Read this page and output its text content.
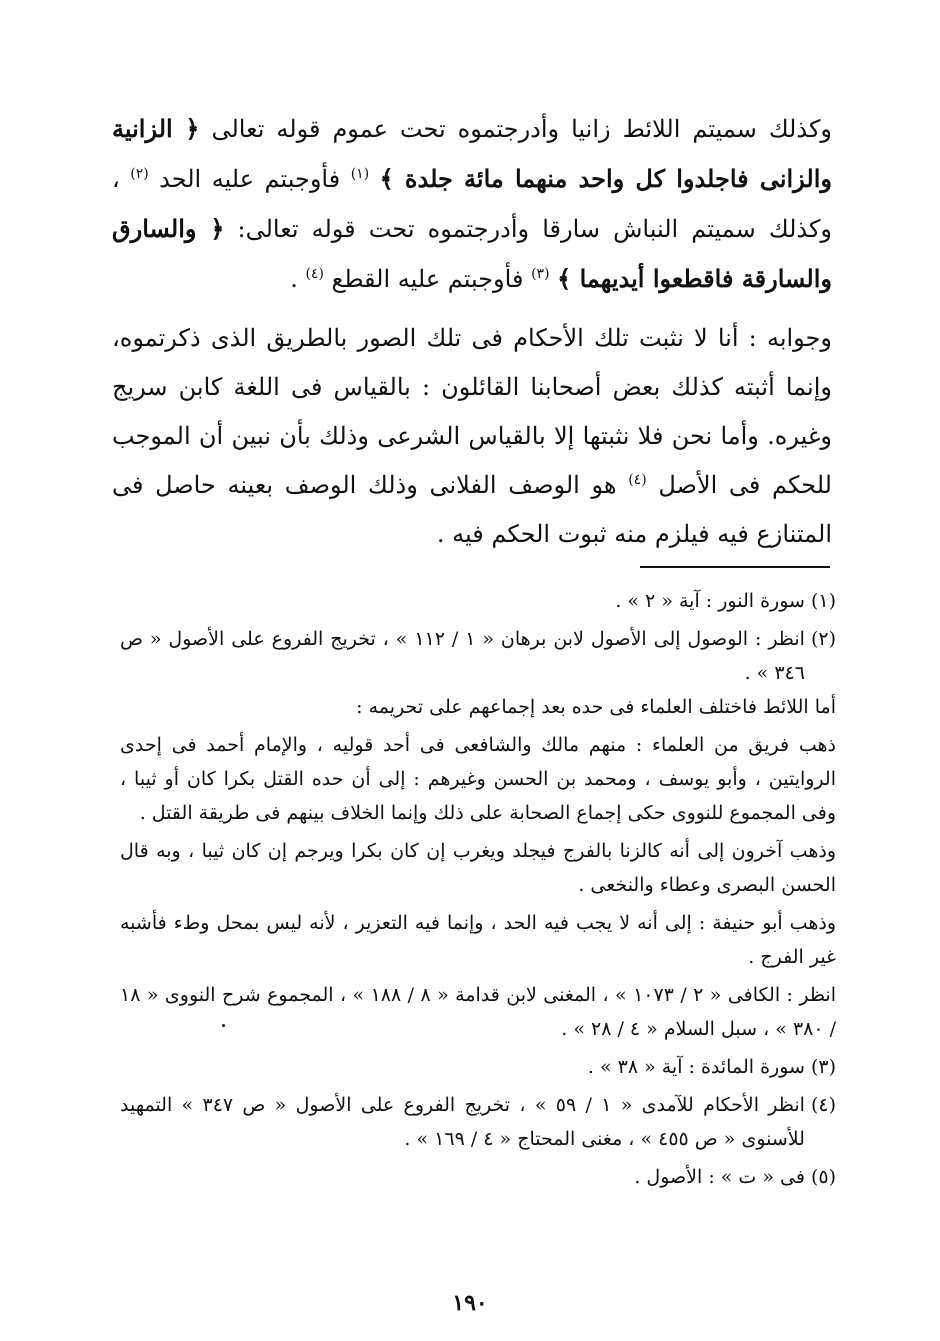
وكذلك سميتم اللائط زانيا وأدرجتموه تحت عموم قوله تعالى ﴿ الزانية والزانى فاجلدوا كل واحد منهما مائة جلدة ﴾ $^{(١)}$ فأوجبتم عليه الحد $^{(٢)}$ ، وكذلك سميتم النباش سارقا وأدرجتموه تحت قوله تعالى: ﴿ والسارق والسارقة فاقطعوا أيديهما ﴾ $^{(٣)}$ فأوجبتم عليه القطع $^{(٤)}$ .

وجوابه : أنا لا نثبت تلك الأحكام فى تلك الصور بالطريق الذى ذكرتموه، وإنما أثبته كذلك بعض أصحابنا القائلون : بالقياس فى اللغة كابن سريج وغيره. وأما نحن فلا نثبتها إلا بالقياس الشرعى وذلك بأن نبين أن الموجب للحكم فى الأصل $^{(٤)}$ هو الوصف الفلانى وذلك الوصف بعينه حاصل فى المتنازع فيه فيلزم منه ثبوت الحكم فيه .

(١)
سورة النور : آية « ٢ » .
(٢)
انظر : الوصول إلى الأصول لابن برهان « ١ / ١١٢ » ، تخريج الفروع على الأصول « ص ٣٤٦ » .
أما اللائط فاختلف العلماء فى حده بعد إجماعهم على تحريمه :
ذهب فريق من العلماء : منهم مالك والشافعى فى أحد قوليه ، والإمام أحمد فى إحدى الروايتين ، وأبو يوسف ، ومحمد بن الحسن وغيرهم : إلى أن حده القتل بكرا كان أو ثيبا ، وفى المجموع للنووى حكى إجماع الصحابة على ذلك وإنما الخلاف بينهم فى طريقة القتل .
وذهب آخرون إلى أنه كالزنا بالفرج فيجلد ويغرب إن كان بكرا ويرجم إن كان ثيبا ، وبه قال الحسن البصرى وعطاء والنخعى .
وذهب أبو حنيفة : إلى أنه لا يجب فيه الحد ، وإنما فيه التعزير ، لأنه ليس بمحل وطء فأشبه غير الفرج .
انظر : الكافى « ٢ / ١٠٧٣ » ، المغنى لابن قدامة « ٨ / ١٨٨ » ، المجموع شرح النووى « ١٨ / ٣٨٠ » ، سبل السلام « ٤ / ٢٨ » .
(٣)
سورة المائدة : آية « ٣٨ » .
(٤)
انظر الأحكام للآمدى « ١ / ٥٩ » ، تخريج الفروع على الأصول « ص ٣٤٧ » التمهيد للأسنوى « ص ٤٥٥ » ، مغنى المحتاج « ٤ / ١٦٩ » .
(٥)
فى « ت » : الأصول .
١٩٠
